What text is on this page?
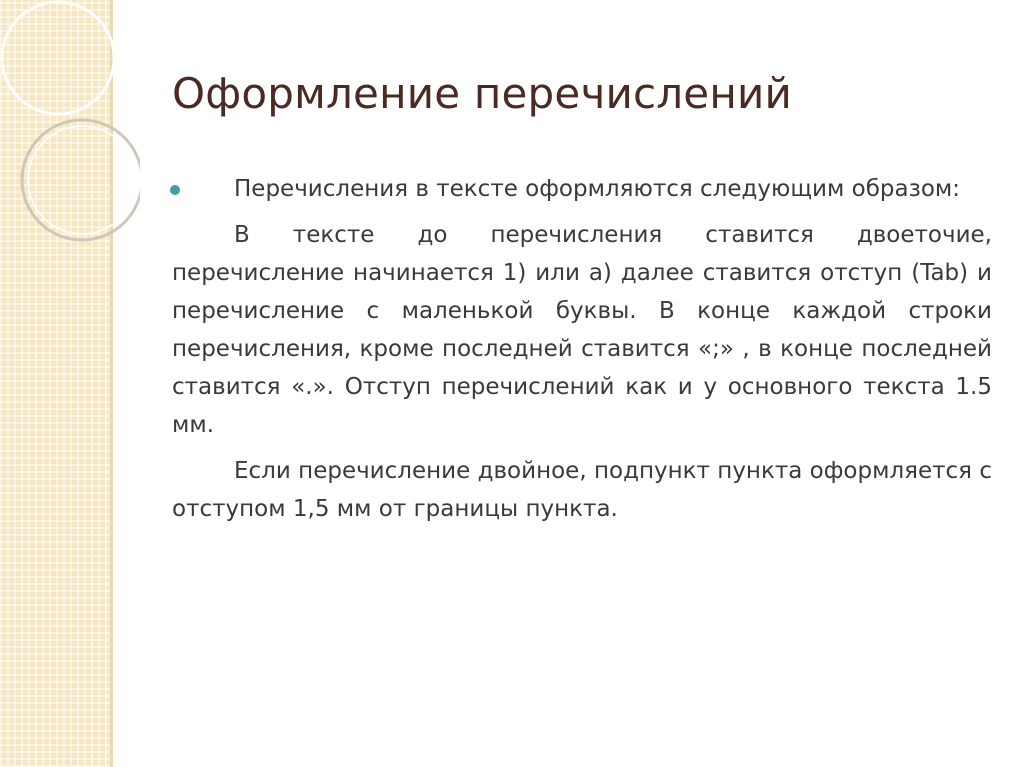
Оформление перечислений

Перечисления в тексте оформляются следующим образом:

В тексте до перечисления ставится двоеточие, перечисление начинается 1) или а) далее ставится отступ (Tab) и перечисление с маленькой буквы. В конце каждой строки перечисления, кроме последней ставится «;» , в конце последней ставится «.». Отступ перечислений как и у основного текста 1.5 мм.

Если перечисление двойное, подпункт пункта оформляется с отступом 1,5 мм от границы пункта.
